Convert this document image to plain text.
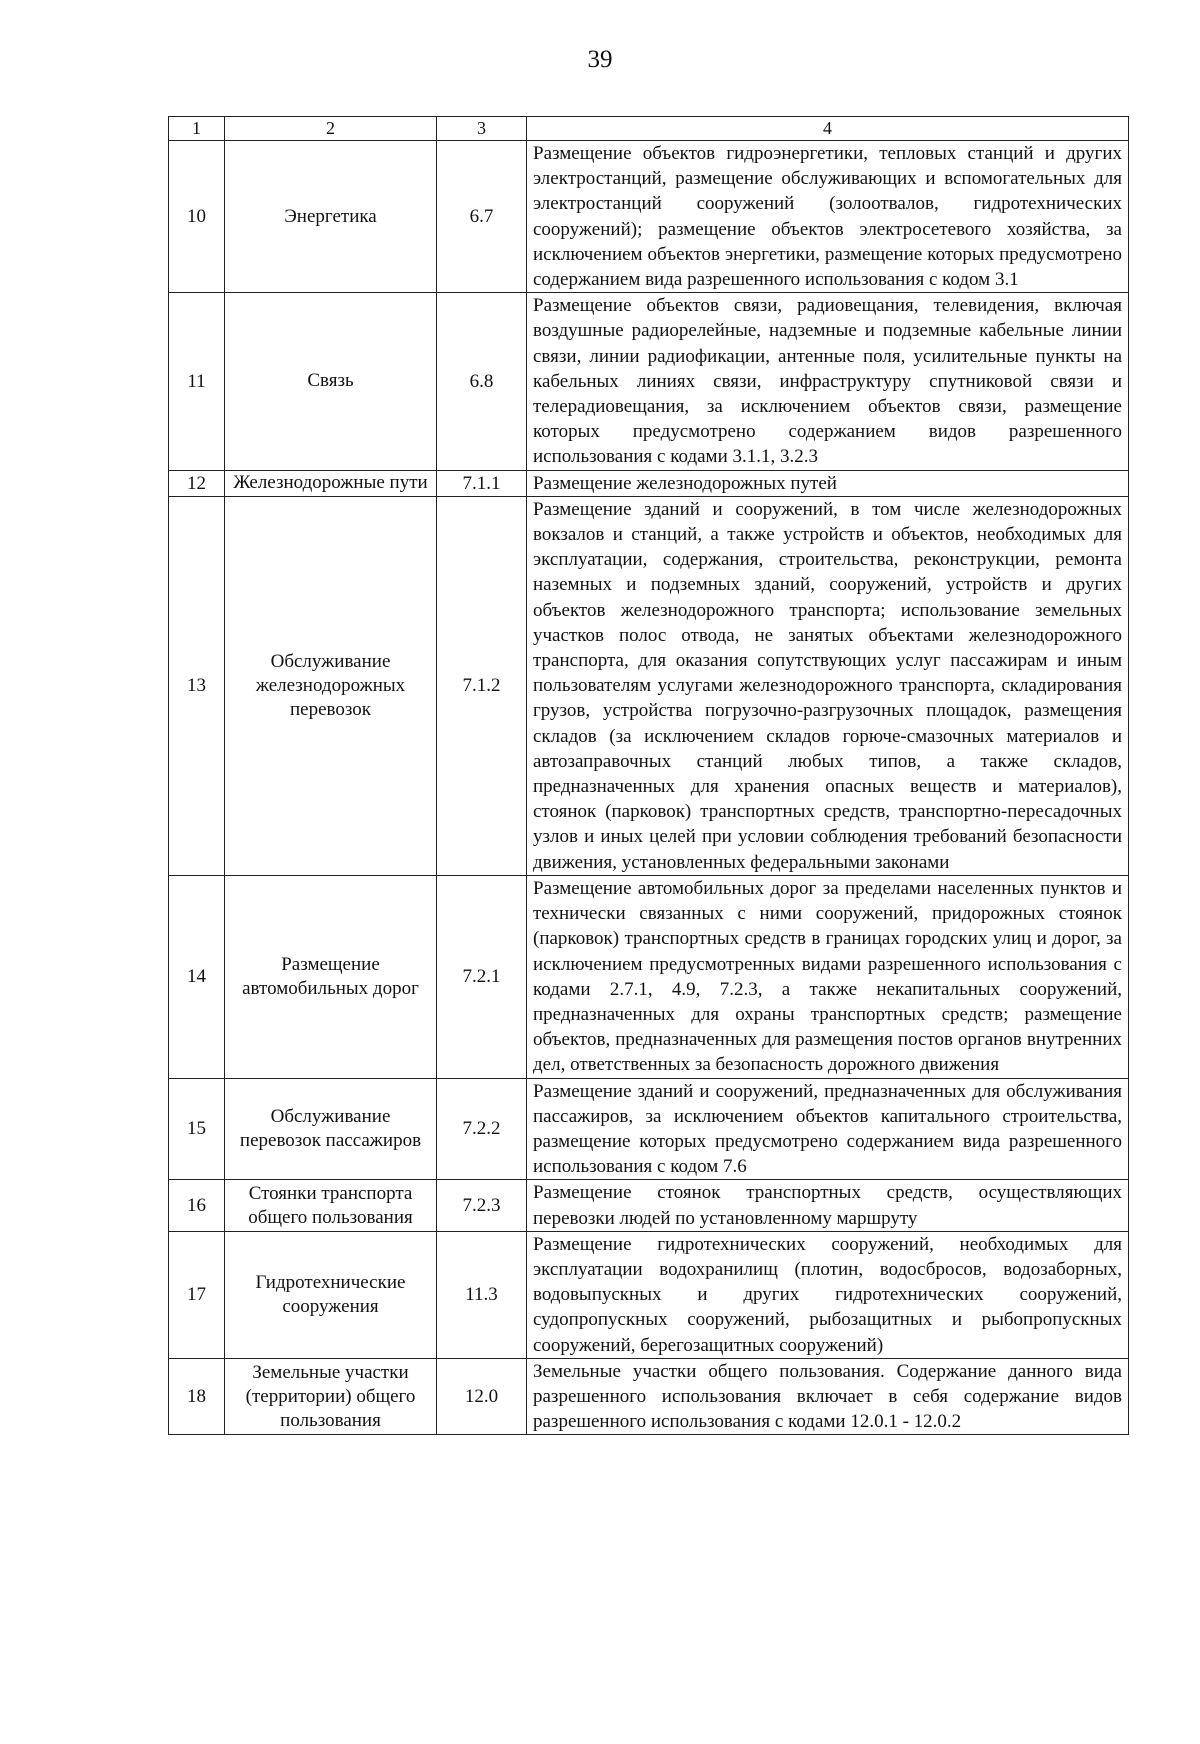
39
1	2	3	4
10	Энергетика	6.7	Размещение объектов гидроэнергетики, тепловых станций и других электростанций, размещение обслуживающих и вспомогательных для электростанций сооружений (золоотвалов, гидротехнических сооружений); размещение объектов электросетевого хозяйства, за исключением объектов энергетики, размещение которых предусмотрено содержанием вида разрешенного использования с кодом 3.1
11	Связь	6.8	Размещение объектов связи, радиовещания, телевидения, включая воздушные радиорелейные, надземные и подземные кабельные линии связи, линии радиофикации, антенные поля, усилительные пункты на кабельных линиях связи, инфраструктуру спутниковой связи и телерадиовещания, за исключением объектов связи, размещение которых предусмотрено содержанием видов разрешенного использования с кодами 3.1.1, 3.2.3
12	Железнодорожные пути	7.1.1	Размещение железнодорожных путей
13	Обслуживание железнодорожных перевозок	7.1.2	Размещение зданий и сооружений, в том числе железнодорожных вокзалов и станций, а также устройств и объектов, необходимых для эксплуатации, содержания, строительства, реконструкции, ремонта наземных и подземных зданий, сооружений, устройств и других объектов железнодорожного транспорта; использование земельных участков полос отвода, не занятых объектами железнодорожного транспорта, для оказания сопутствующих услуг пассажирам и иным пользователям услугами железнодорожного транспорта, складирования грузов, устройства погрузочно-разгрузочных площадок, размещения складов (за исключением складов горюче-смазочных материалов и автозаправочных станций любых типов, а также складов, предназначенных для хранения опасных веществ и материалов), стоянок (парковок) транспортных средств, транспортно-пересадочных узлов и иных целей при условии соблюдения требований безопасности движения, установленных федеральными законами
14	Размещение автомобильных дорог	7.2.1	Размещение автомобильных дорог за пределами населенных пунктов и технически связанных с ними сооружений, придорожных стоянок (парковок) транспортных средств в границах городских улиц и дорог, за исключением предусмотренных видами разрешенного использования с кодами 2.7.1, 4.9, 7.2.3, а также некапитальных сооружений, предназначенных для охраны транспортных средств; размещение объектов, предназначенных для размещения постов органов внутренних дел, ответственных за безопасность дорожного движения
15	Обслуживание перевозок пассажиров	7.2.2	Размещение зданий и сооружений, предназначенных для обслуживания пассажиров, за исключением объектов капитального строительства, размещение которых предусмотрено содержанием вида разрешенного использования с кодом 7.6
16	Стоянки транспорта общего пользования	7.2.3	Размещение стоянок транспортных средств, осуществляющих перевозки людей по установленному маршруту
17	Гидротехнические сооружения	11.3	Размещение гидротехнических сооружений, необходимых для эксплуатации водохранилищ (плотин, водосбросов, водозаборных, водовыпускных и других гидротехнических сооружений, судопропускных сооружений, рыбозащитных и рыбопропускных сооружений, берегозащитных сооружений)
18	Земельные участки (территории) общего пользования	12.0	Земельные участки общего пользования. Содержание данного вида разрешенного использования включает в себя содержание видов разрешенного использования с кодами 12.0.1 - 12.0.2
